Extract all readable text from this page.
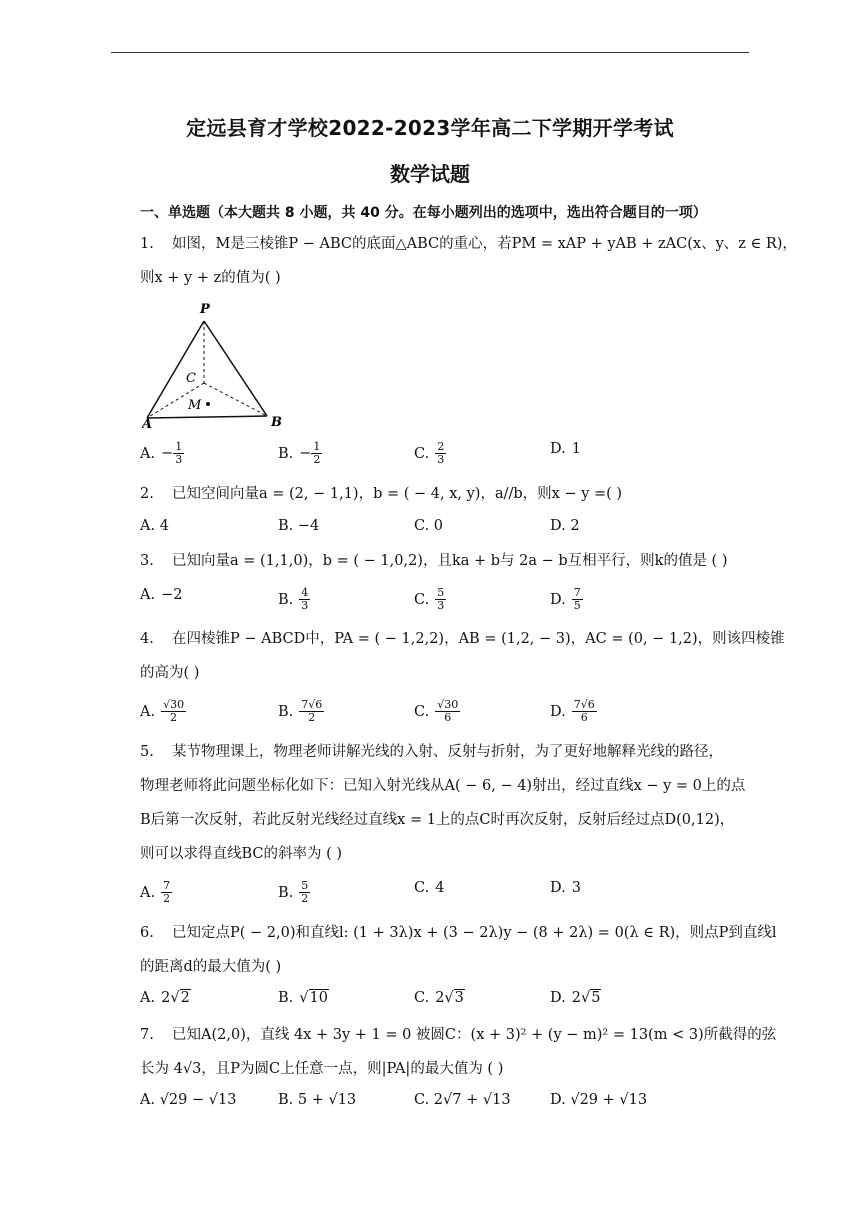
定远县育才学校2022-2023学年高二下学期开学考试
数学试题
一、单选题（本大题共 8 小题，共 40 分。在每小题列出的选项中，选出符合题目的一项）
1. 如图，M是三棱锥P − ABC的底面△ABC的重心，若PM = xAP + yAB + zAC(x、y、z ∈ R)，
则x + y + z的值为( )
P
C
M
A	B
A. − $\frac{1}{3}$	B. − $\frac{1}{2}$	C. $\frac{2}{3}$	D. 1
2. 已知空间向量a = (2, − 1,1)，b = ( − 4, x, y)，a//b，则x − y =( )
A. 4	B. −4	C. 0	D. 2
3. 已知向量a = (1,1,0)，b = ( − 1,0,2)，且ka + b与 2a − b互相平行，则k的值是 ( )
A. −2	B. $\frac{4}{3}$	C. $\frac{5}{3}$	D. $\frac{7}{5}$
4. 在四棱锥P − ABCD中，PA = ( − 1,2,2)，AB = (1,2, − 3)，AC = (0, − 1,2)，则该四棱锥
的高为( )
A. $\frac{√30}{2}$	B. $\frac{7√6}{2}$	C. $\frac{√30}{6}$	D. $\frac{7√6}{6}$
5. 某节物理课上，物理老师讲解光线的入射、反射与折射，为了更好地解释光线的路径，
物理老师将此问题坐标化如下：已知入射光线从A( − 6, − 4)射出，经过直线x − y = 0上的点
B后第一次反射，若此反射光线经过直线x = 1上的点C时再次反射，反射后经过点D(0,12)，
则可以求得直线BC的斜率为 ( )
A. $\frac{7}{2}$	B. $\frac{5}{2}$	C. 4	D. 3
6. 已知定点P( − 2,0)和直线l: (1 + 3λ)x + (3 − 2λ)y − (8 + 2λ) = 0(λ ∈ R)，则点P到直线l
的距离d的最大值为( )
A. 2√2	B. √10	C. 2√3	D. 2√5
7. 已知A(2,0)，直线 4x + 3y + 1 = 0 被圆C：(x + 3)² + (y − m)² = 13(m < 3)所截得的弦
长为 4√3，且P为圆C上任意一点，则|PA|的最大值为 ( )
A. √29 − √13	B. 5 + √13	C. 2√7 + √13	D. √29 + √13
